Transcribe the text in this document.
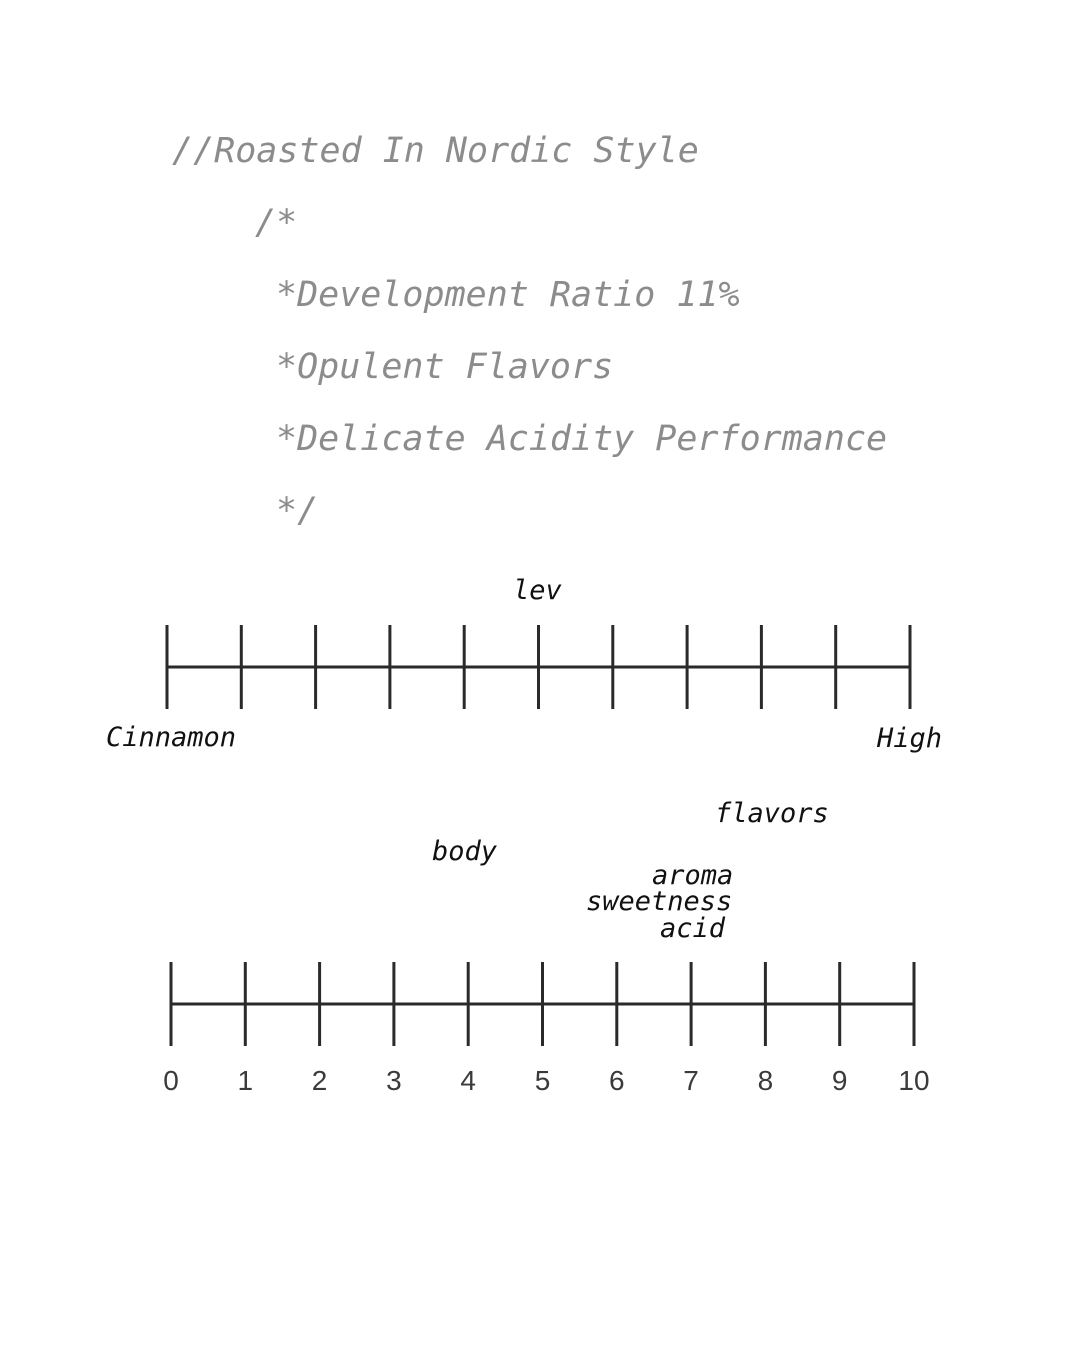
//Roasted In Nordic Style
/*
*Development Ratio 11%
*Opulent Flavors
*Delicate Acidity Performance
*/
0 1 2 3 4 5 6 7 8 9 10
lev
Cinnamon	High
flavors
body
aroma
sweetness
acid
